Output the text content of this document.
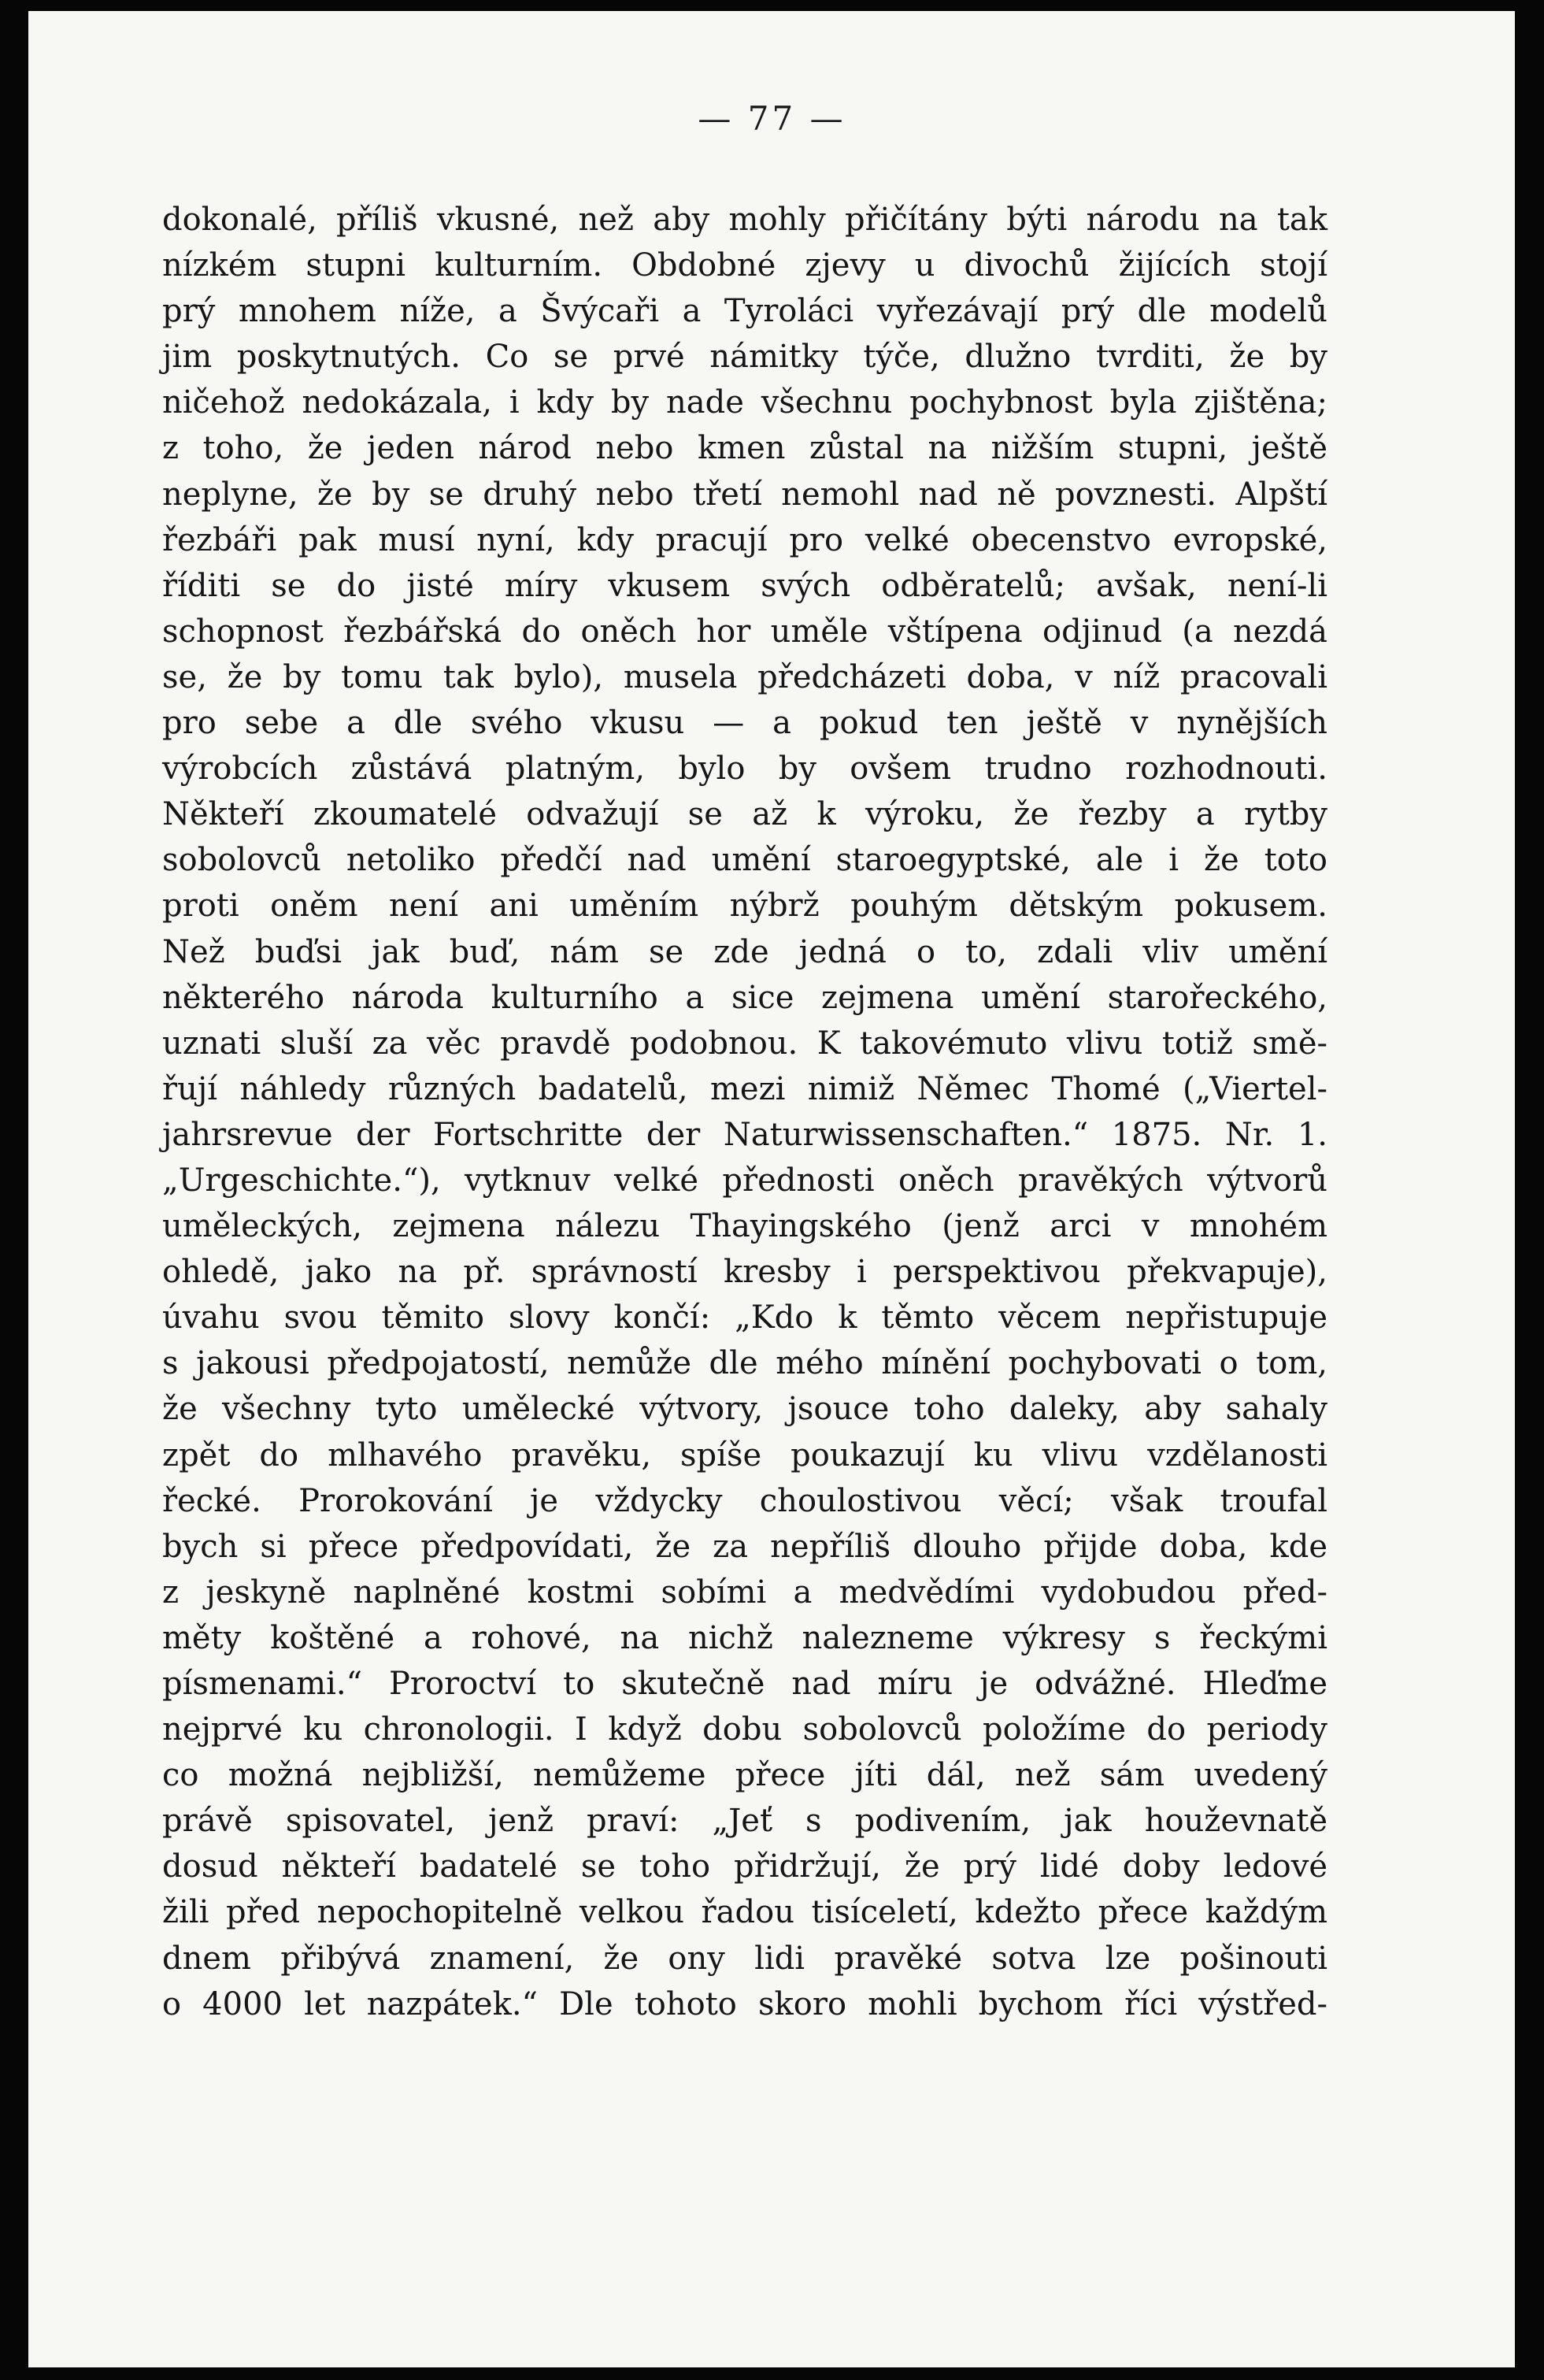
— 77 —
dokonalé, příliš vkusné, než aby mohly přičítány býti národu na tak
nízkém stupni kulturním. Obdobné zjevy u divochů žijících stojí
prý mnohem níže, a Švýcaři a Tyroláci vyřezávají prý dle modelů
jim poskytnutých. Co se prvé námitky týče, dlužno tvrditi, že by
ničehož nedokázala, i kdy by nade všechnu pochybnost byla zjištěna;
z toho, že jeden národ nebo kmen zůstal na nižším stupni, ještě
neplyne, že by se druhý nebo třetí nemohl nad ně povznesti. Alpští
řezbáři pak musí nyní, kdy pracují pro velké obecenstvo evropské,
říditi se do jisté míry vkusem svých odběratelů; avšak, není-li
schopnost řezbářská do oněch hor uměle vštípena odjinud (a nezdá
se, že by tomu tak bylo), musela předcházeti doba, v níž pracovali
pro sebe a dle svého vkusu — a pokud ten ještě v nynějších
výrobcích zůstává platným, bylo by ovšem trudno rozhodnouti.
Někteří zkoumatelé odvažují se až k výroku, že řezby a rytby
sobolovců netoliko předčí nad umění staroegyptské, ale i že toto
proti oněm není ani uměním nýbrž pouhým dětským pokusem.
Než buďsi jak buď, nám se zde jedná o to, zdali vliv umění
některého národa kulturního a sice zejmena umění starořeckého,
uznati sluší za věc pravdě podobnou. K takovémuto vlivu totiž smě-
řují náhledy různých badatelů, mezi nimiž Němec Thomé („Viertel-
jahrsrevue der Fortschritte der Naturwissenschaften.“ 1875. Nr. 1.
„Urgeschichte.“), vytknuv velké přednosti oněch pravěkých výtvorů
uměleckých, zejmena nálezu Thayingského (jenž arci v mnohém
ohledě, jako na př. správností kresby i perspektivou překvapuje),
úvahu svou těmito slovy končí: „Kdo k těmto věcem nepřistupuje
s jakousi předpojatostí, nemůže dle mého mínění pochybovati o tom,
že všechny tyto umělecké výtvory, jsouce toho daleky, aby sahaly
zpět do mlhavého pravěku, spíše poukazují ku vlivu vzdělanosti
řecké. Prorokování je vždycky choulostivou věcí; však troufal
bych si přece předpovídati, že za nepříliš dlouho přijde doba, kde
z jeskyně naplněné kostmi sobími a medvědími vydobudou před-
měty koštěné a rohové, na nichž nalezneme výkresy s řeckými
písmenami.“ Proroctví to skutečně nad míru je odvážné. Hleďme
nejprvé ku chronologii. I když dobu sobolovců položíme do periody
co možná nejbližší, nemůžeme přece jíti dál, než sám uvedený
právě spisovatel, jenž praví: „Jeť s podivením, jak houževnatě
dosud někteří badatelé se toho přidržují, že prý lidé doby ledové
žili před nepochopitelně velkou řadou tisíceletí, kdežto přece každým
dnem přibývá znamení, že ony lidi pravěké sotva lze pošinouti
o 4000 let nazpátek.“ Dle tohoto skoro mohli bychom říci výstřed-
